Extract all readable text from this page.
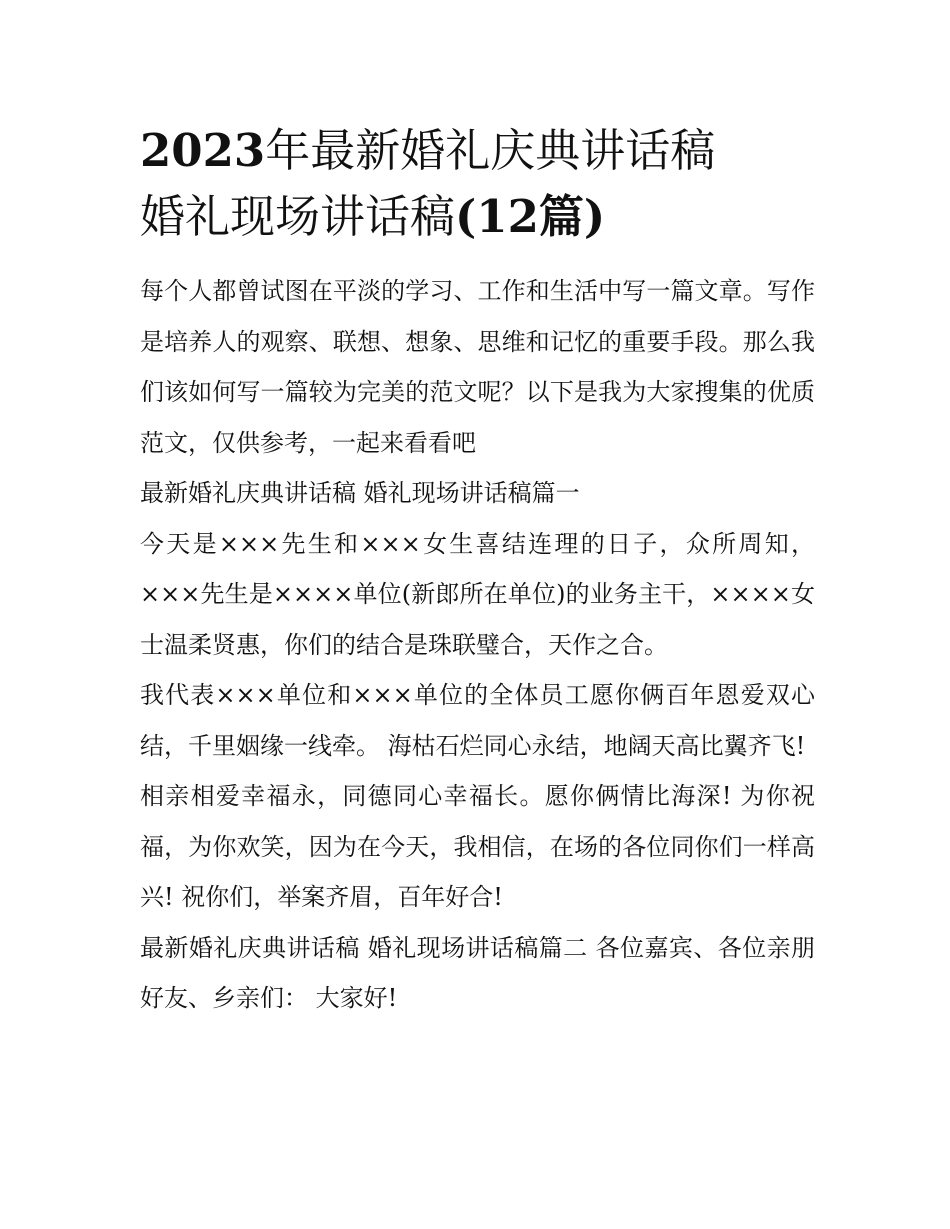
2023年最新婚礼庆典讲话稿
婚礼现场讲话稿(12篇)

每个人都曾试图在平淡的学习、工作和生活中写一篇文章。写作是培养人的观察、联想、想象、思维和记忆的重要手段。那么我们该如何写一篇较为完美的范文呢？以下是我为大家搜集的优质范文，仅供参考，一起来看看吧

最新婚礼庆典讲话稿 婚礼现场讲话稿篇一

今天是×××先生和×××女生喜结连理的日子，众所周知，×××先生是××××单位(新郎所在单位)的业务主干，××××女士温柔贤惠，你们的结合是珠联璧合，天作之合。

我代表×××单位和×××单位的全体员工愿你俩百年恩爱双心结，千里姻缘一线牵。 海枯石烂同心永结，地阔天高比翼齐飞!

相亲相爱幸福永，同德同心幸福长。愿你俩情比海深! 为你祝福，为你欢笑，因为在今天，我相信，在场的各位同你们一样高兴! 祝你们，举案齐眉，百年好合!

最新婚礼庆典讲话稿 婚礼现场讲话稿篇二 各位嘉宾、各位亲朋好友、乡亲们： 大家好!
